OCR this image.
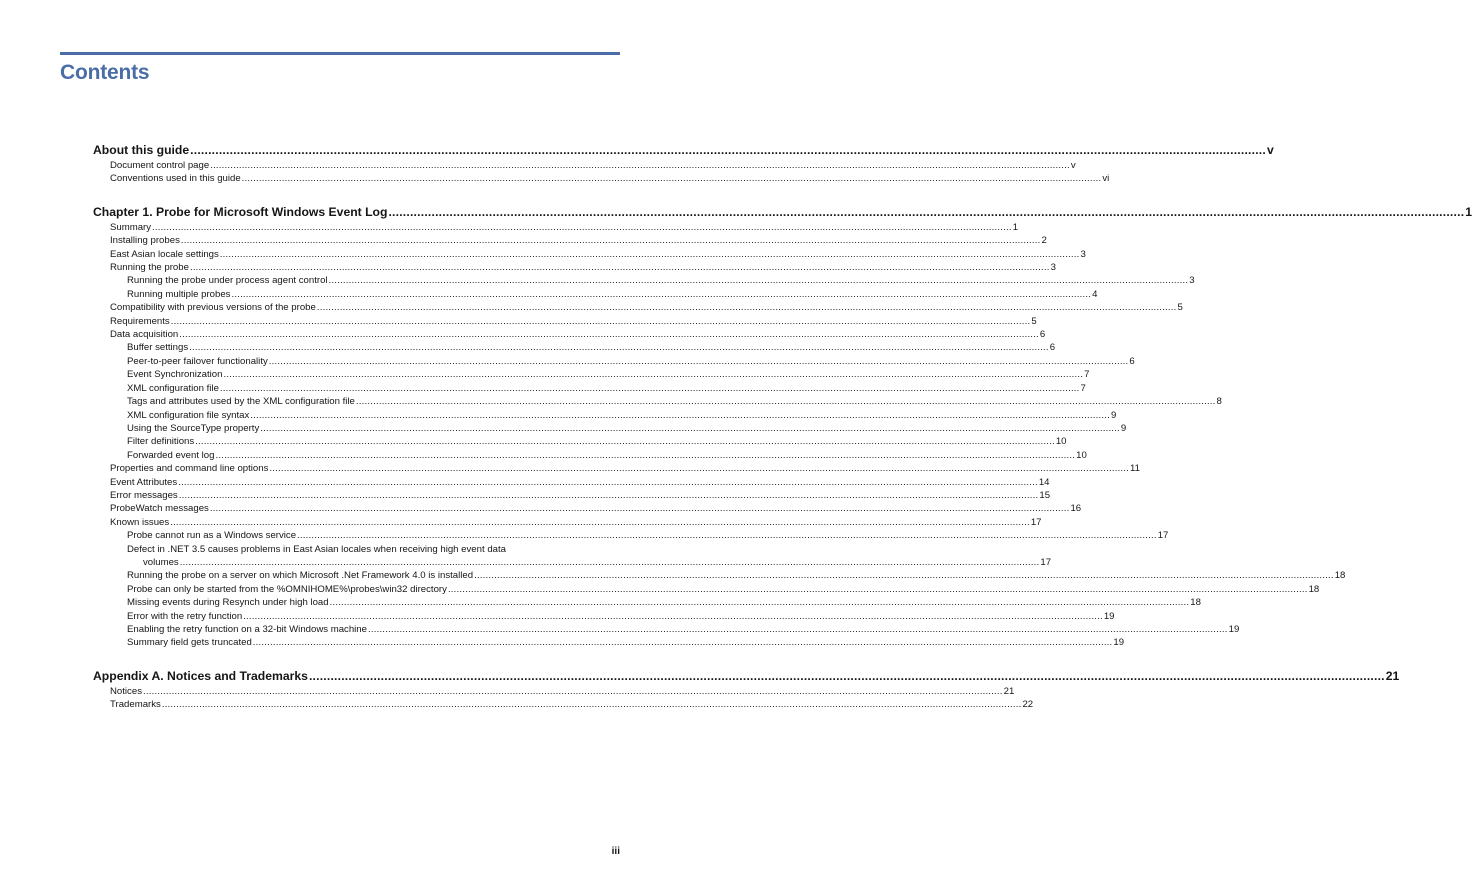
Contents
About this guide ............................................................................................................................................................................................................................................................................................................ v
Document control page ............................................................................................................................................................................................................................................................................................................ v
Conventions used in this guide ............................................................................................................................................................................................................................................................................................................ vi
Chapter 1. Probe for Microsoft Windows Event Log ............................................................................................................................................................................................................................................................................................................ 1
Summary ............................................................................................................................................................................................................................................................................................................ 1
Installing probes ............................................................................................................................................................................................................................................................................................................ 2
East Asian locale settings ............................................................................................................................................................................................................................................................................................................ 3
Running the probe ............................................................................................................................................................................................................................................................................................................ 3
Running the probe under process agent control ............................................................................................................................................................................................................................................................................................................ 3
Running multiple probes ............................................................................................................................................................................................................................................................................................................ 4
Compatibility with previous versions of the probe ............................................................................................................................................................................................................................................................................................................ 5
Requirements ............................................................................................................................................................................................................................................................................................................ 5
Data acquisition ............................................................................................................................................................................................................................................................................................................ 6
Buffer settings ............................................................................................................................................................................................................................................................................................................ 6
Peer-to-peer failover functionality ............................................................................................................................................................................................................................................................................................................ 6
Event Synchronization ............................................................................................................................................................................................................................................................................................................ 7
XML configuration file ............................................................................................................................................................................................................................................................................................................ 7
Tags and attributes used by the XML configuration file ............................................................................................................................................................................................................................................................................................................ 8
XML configuration file syntax ............................................................................................................................................................................................................................................................................................................ 9
Using the SourceType property ............................................................................................................................................................................................................................................................................................................ 9
Filter definitions ............................................................................................................................................................................................................................................................................................................ 10
Forwarded event log ............................................................................................................................................................................................................................................................................................................ 10
Properties and command line options ............................................................................................................................................................................................................................................................................................................ 11
Event Attributes ............................................................................................................................................................................................................................................................................................................ 14
Error messages ............................................................................................................................................................................................................................................................................................................ 15
ProbeWatch messages ............................................................................................................................................................................................................................................................................................................ 16
Known issues ............................................................................................................................................................................................................................................................................................................ 17
Probe cannot run as a Windows service ............................................................................................................................................................................................................................................................................................................ 17
Defect in .NET 3.5 causes problems in East Asian locales when receiving high event data
volumes ............................................................................................................................................................................................................................................................................................................ 17
Running the probe on a server on which Microsoft .Net Framework 4.0 is installed ............................................................................................................................................................................................................................................................................................................ 18
Probe can only be started from the %OMNIHOME%\probes\win32 directory ............................................................................................................................................................................................................................................................................................................ 18
Missing events during Resynch under high load ............................................................................................................................................................................................................................................................................................................ 18
Error with the retry function ............................................................................................................................................................................................................................................................................................................ 19
Enabling the retry function on a 32-bit Windows machine ............................................................................................................................................................................................................................................................................................................ 19
Summary field gets truncated ............................................................................................................................................................................................................................................................................................................ 19
Appendix A. Notices and Trademarks ............................................................................................................................................................................................................................................................................................................ 21
Notices ............................................................................................................................................................................................................................................................................................................ 21
Trademarks ............................................................................................................................................................................................................................................................................................................ 22
iii
